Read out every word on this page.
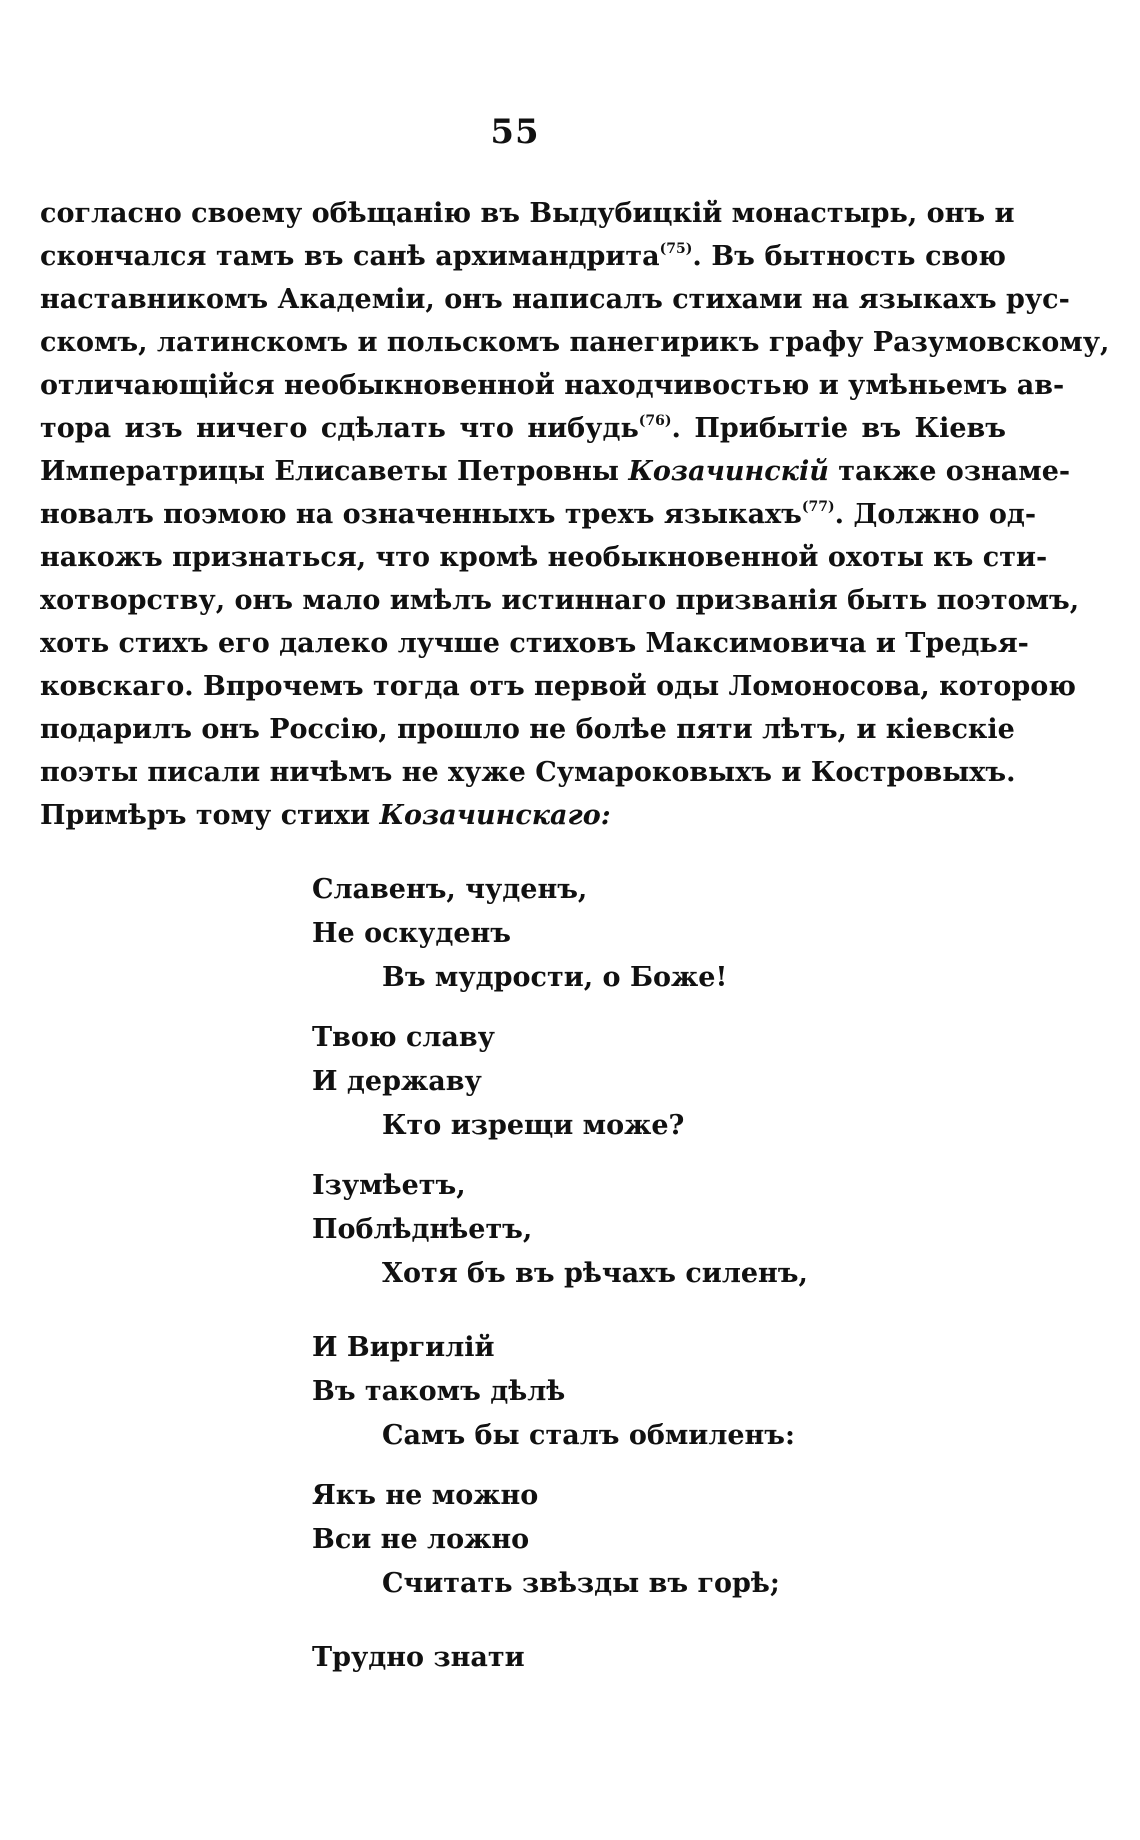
55
согласно своему обѣщанію въ Выдубицкій монастырь, онъ и
скончался тамъ въ санѣ архимандрита$^{(75)}$. Въ бытность свою
наставникомъ Академіи, онъ написалъ стихами на языкахъ рус-
скомъ, латинскомъ и польскомъ панегирикъ графу Разумовскому,
отличающійся необыкновенной находчивостью и умѣньемъ ав-
тора изъ ничего сдѣлать что нибудь$^{(76)}$. Прибытіе въ Кіевъ
Императрицы Елисаветы Петровны Козачинскій также ознаме-
новалъ поэмою на означенныхъ трехъ языкахъ$^{(77)}$. Должно од-
накожъ признаться, что кромѣ необыкновенной охоты къ сти-
хотворству, онъ мало имѣлъ истиннаго призванія быть поэтомъ,
хоть стихъ его далеко лучше стиховъ Максимовича и Тредья-
ковскаго. Впрочемъ тогда отъ первой оды Ломоносова, которою
подарилъ онъ Россію, прошло не болѣе пяти лѣтъ, и кіевскіе
поэты писали ничѣмъ не хуже Сумароковыхъ и Костровыхъ.
Примѣръ тому стихи Козачинскаго:
Славенъ, чуденъ,
Не оскуденъ
Въ мудрости, о Боже!
Твою славу
И державу
Кто изрещи може?
Ізумѣетъ,
Поблѣднѣетъ,
Хотя бъ въ рѣчахъ силенъ,
И Виргилій
Въ такомъ дѣлѣ
Самъ бы сталъ обмиленъ:
Якъ не можно
Вси не ложно
Считать звѣзды въ горѣ;
Трудно знати
